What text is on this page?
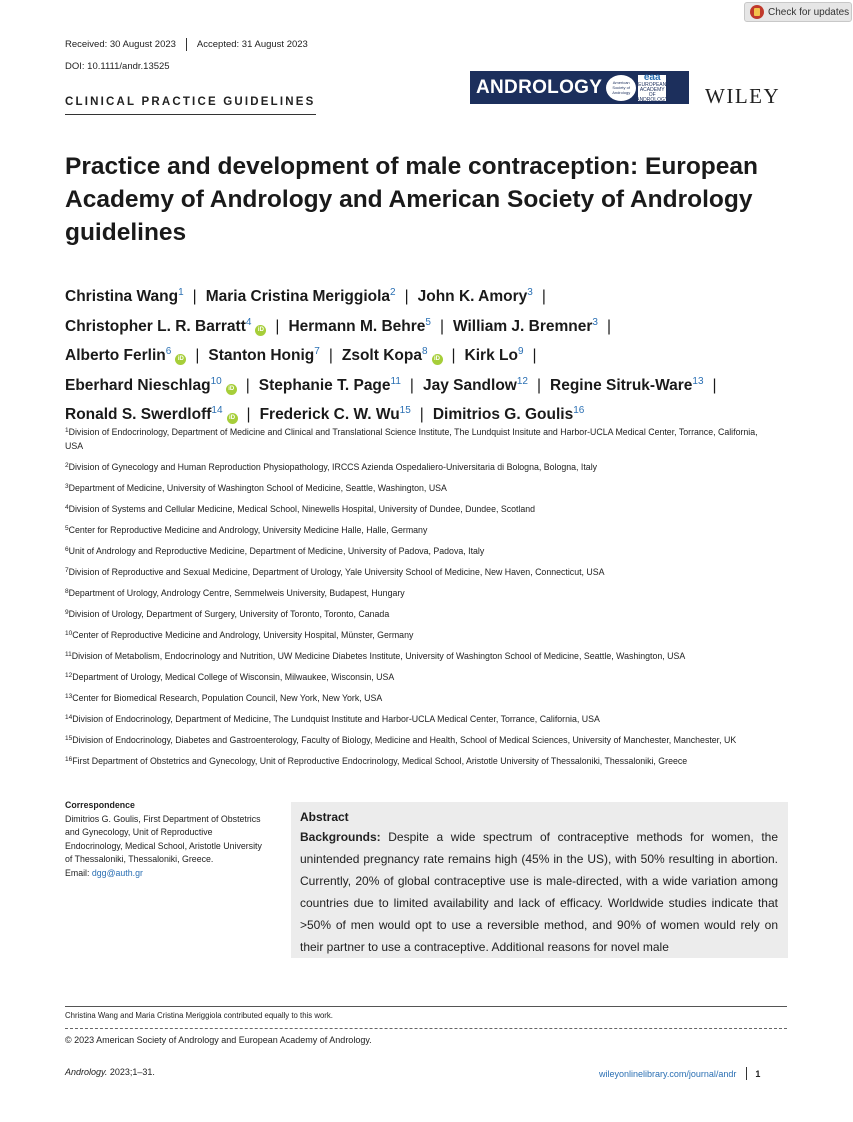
Check for updates
Received: 30 August 2023 Accepted: 31 August 2023
DOI: 10.1111/andr.13525
CLINICAL PRACTICE GUIDELINES
ANDROLOGY	American Society of Andrology
eaa
EUROPEAN ACADEMY OF ANDROLOGY WILEY
Practice and development of male contraception: European Academy of Andrology and American Society of Andrology guidelines
Christina Wang$^1$ | Maria Cristina Meriggiola$^2$ | John K. Amory$^3$ |
Christopher L. R. Barratt$^4$iD | Hermann M. Behre$^5$ | William J. Bremner$^3$ |
Alberto Ferlin$^6$iD | Stanton Honig$^7$ | Zsolt Kopa$^8$iD | Kirk Lo$^9$ |
Eberhard Nieschlag$^{10}$iD | Stephanie T. Page$^{11}$ | Jay Sandlow$^{12}$ | Regine Sitruk-Ware$^{13}$ |
Ronald S. Swerdloff$^{14}$iD | Frederick C. W. Wu$^{15}$ | Dimitrios G. Goulis$^{16}$
$^1$Division of Endocrinology, Department of Medicine and Clinical and Translational Science Institute, The Lundquist Insitute and Harbor-UCLA Medical Center, Torrance, California, USA
$^2$Division of Gynecology and Human Reproduction Physiopathology, IRCCS Azienda Ospedaliero-Universitaria di Bologna, Bologna, Italy
$^3$Department of Medicine, University of Washington School of Medicine, Seattle, Washington, USA
$^4$Division of Systems and Cellular Medicine, Medical School, Ninewells Hospital, University of Dundee, Dundee, Scotland
$^5$Center for Reproductive Medicine and Andrology, University Medicine Halle, Halle, Germany
$^6$Unit of Andrology and Reproductive Medicine, Department of Medicine, University of Padova, Padova, Italy
$^7$Division of Reproductive and Sexual Medicine, Department of Urology, Yale University School of Medicine, New Haven, Connecticut, USA
$^8$Department of Urology, Andrology Centre, Semmelweis University, Budapest, Hungary
$^9$Division of Urology, Department of Surgery, University of Toronto, Toronto, Canada
$^{10}$Center of Reproductive Medicine and Andrology, University Hospital, Münster, Germany
$^{11}$Division of Metabolism, Endocrinology and Nutrition, UW Medicine Diabetes Institute, University of Washington School of Medicine, Seattle, Washington, USA
$^{12}$Department of Urology, Medical College of Wisconsin, Milwaukee, Wisconsin, USA
$^{13}$Center for Biomedical Research, Population Council, New York, New York, USA
$^{14}$Division of Endocrinology, Department of Medicine, The Lundquist Institute and Harbor-UCLA Medical Center, Torrance, California, USA
$^{15}$Division of Endocrinology, Diabetes and Gastroenterology, Faculty of Biology, Medicine and Health, School of Medical Sciences, University of Manchester, Manchester, UK
$^{16}$First Department of Obstetrics and Gynecology, Unit of Reproductive Endocrinology, Medical School, Aristotle University of Thessaloniki, Thessaloniki, Greece
Correspondence
Dimitrios G. Goulis, First Department of Obstetrics and Gynecology, Unit of Reproductive Endocrinology, Medical School, Aristotle University of Thessaloniki, Thessaloniki, Greece.
Email: dgg@auth.gr
Abstract
Backgrounds: Despite a wide spectrum of contraceptive methods for women, the unintended pregnancy rate remains high (45% in the US), with 50% resulting in abortion. Currently, 20% of global contraceptive use is male-directed, with a wide variation among countries due to limited availability and lack of efficacy. Worldwide studies indicate that >50% of men would opt to use a reversible method, and 90% of women would rely on their partner to use a contraceptive. Additional reasons for novel male
Christina Wang and Maria Cristina Meriggiola contributed equally to this work.
© 2023 American Society of Andrology and European Academy of Andrology.
Andrology. 2023;1–31.	wileyonlinelibrary.com/journal/andr 1
